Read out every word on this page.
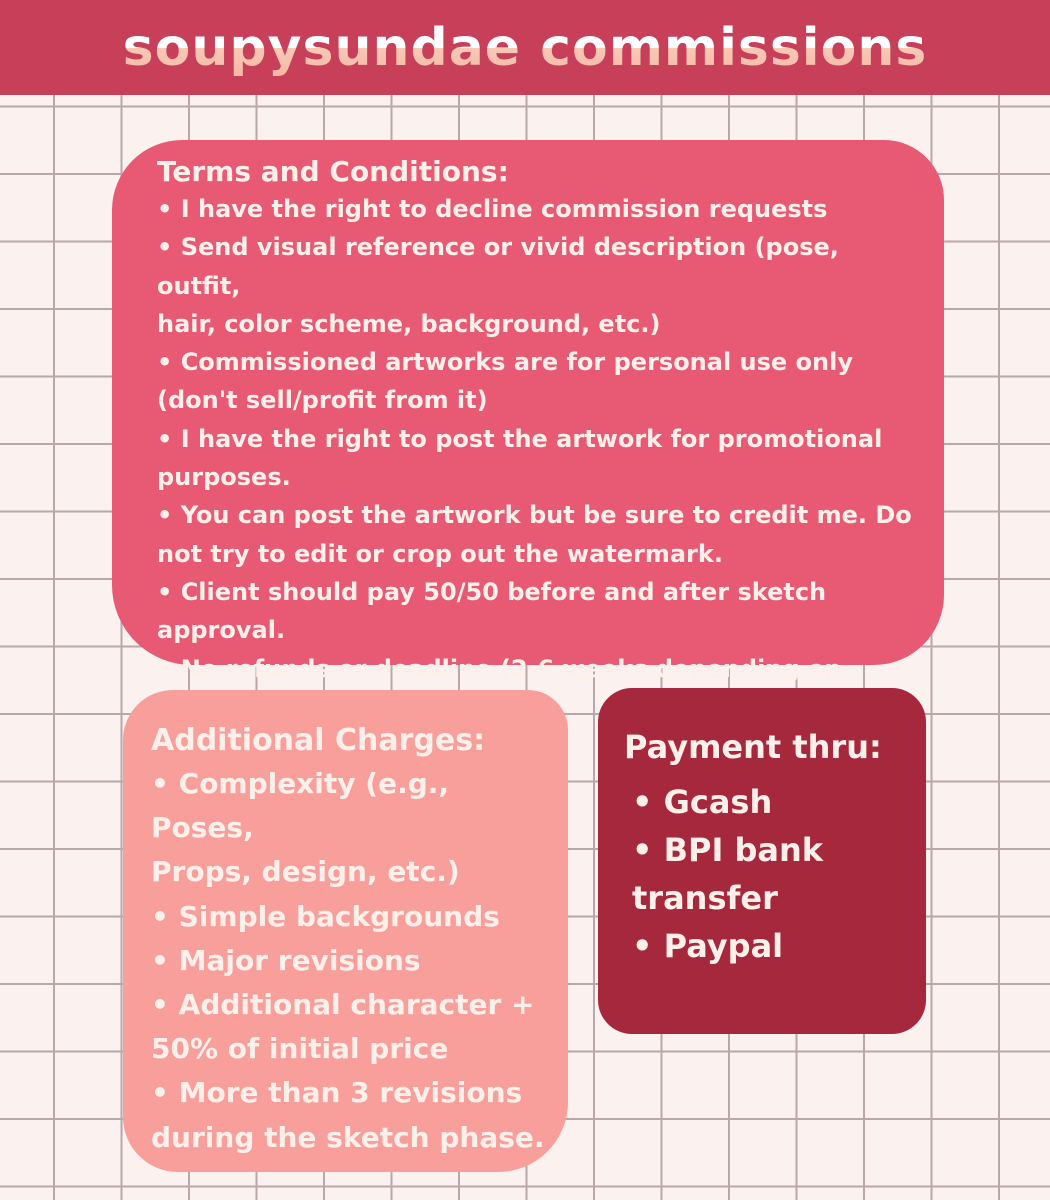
soupysundae commissions
Terms and Conditions:
• I have the right to decline commission requests
• Send visual reference or vivid description (pose, outfit,
hair, color scheme, background, etc.)
• Commissioned artworks are for personal use only
(don't sell/profit from it)
• I have the right to post the artwork for promotional
purposes.
• You can post the artwork but be sure to credit me. Do
not try to edit or crop out the watermark.
• Client should pay 50/50 before and after sketch approval.
• No refunds or deadline (2-6 weeks depending on
Additional Charges:
• Complexity (e.g., Poses,
Props, design, etc.)
• Simple backgrounds
• Major revisions
• Additional character +
50% of initial price
• More than 3 revisions
during the sketch phase.
Payment thru:
• Gcash
• BPI bank
transfer
• Paypal
